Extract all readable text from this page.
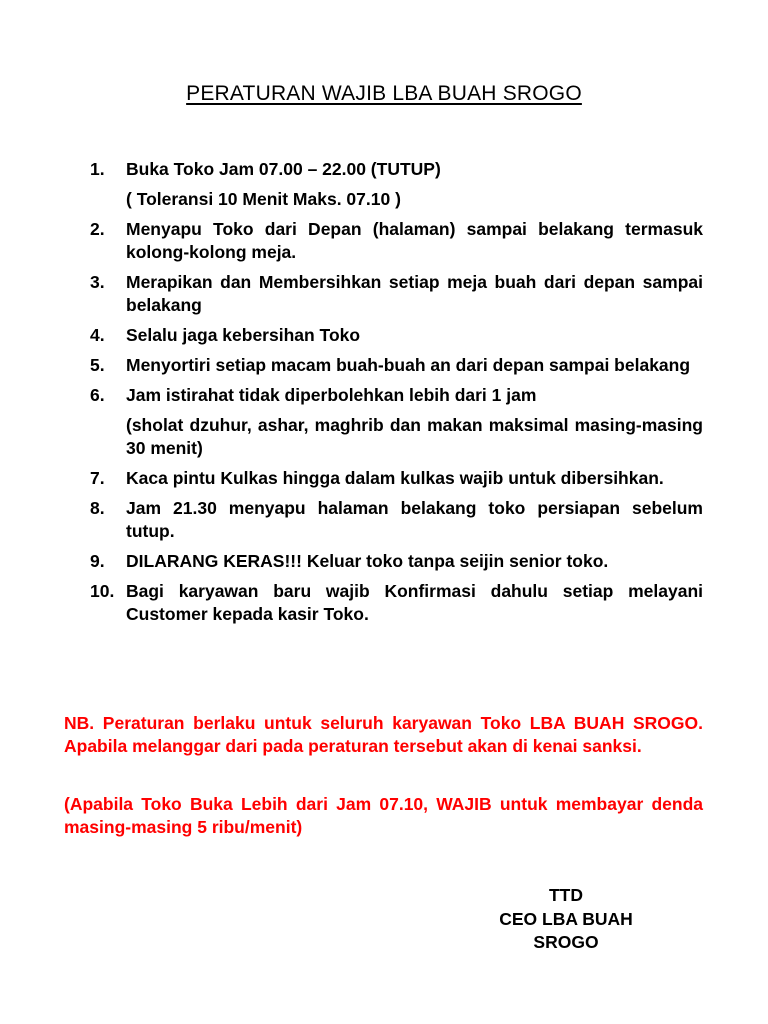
PERATURAN WAJIB LBA BUAH SROGO
1.	Buka Toko Jam 07.00 – 22.00 (TUTUP)
( Toleransi 10 Menit Maks. 07.10 )
2.	Menyapu Toko dari Depan (halaman) sampai belakang termasuk kolong-kolong meja.
3.	Merapikan dan Membersihkan setiap meja buah dari depan sampai belakang
4.	Selalu jaga kebersihan Toko
5.	Menyortiri setiap macam buah-buah an dari depan sampai belakang
6.	Jam istirahat tidak diperbolehkan lebih dari 1 jam
(sholat dzuhur, ashar, maghrib dan makan maksimal masing-masing 30 menit)
7.	Kaca pintu Kulkas hingga dalam kulkas wajib untuk dibersihkan.
8.	Jam 21.30 menyapu halaman belakang toko persiapan sebelum tutup.
9.	DILARANG KERAS!!! Keluar toko tanpa seijin senior toko.
10. Bagi karyawan baru wajib Konfirmasi dahulu setiap melayani Customer kepada kasir Toko.

NB. Peraturan berlaku untuk seluruh karyawan Toko LBA BUAH SROGO. Apabila melanggar dari pada peraturan tersebut akan di kenai sanksi.

(Apabila Toko Buka Lebih dari Jam 07.10, WAJIB untuk membayar denda masing-masing 5 ribu/menit)

TTD
CEO LBA BUAH
SROGO
